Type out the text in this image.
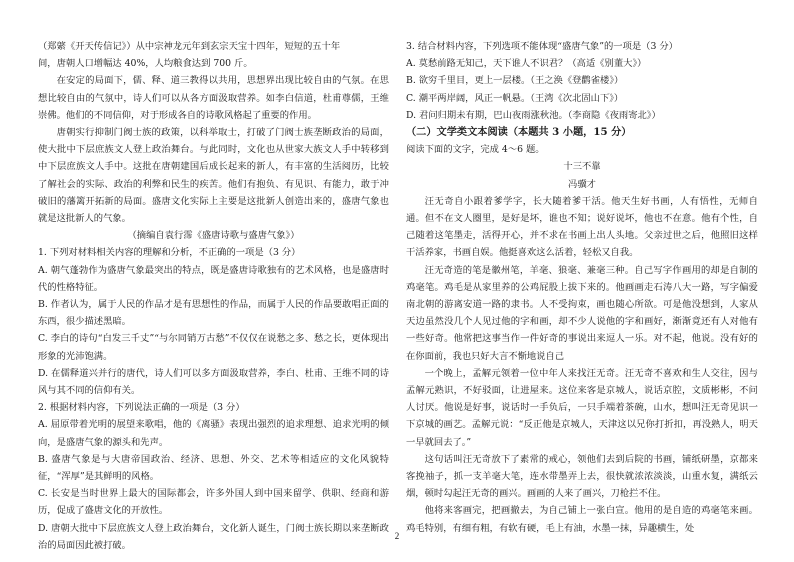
（郑綮《开天传信记》）从中宗神龙元年到玄宗天宝十四年，短短的五十年
间，唐朝人口增幅达 40%，人均粮食达到 700 斤。

在安定的局面下，儒、释、道三教得以共用，思想界出现比较自由的气氛。在思想比较自由的气氛中，诗人们可以从各方面汲取营养。如李白信道，杜甫尊儒，王维崇佛。他们的不同信仰，对于形成各自的诗歌风格起了重要的作用。

唐朝实行抑制门阀士族的政策，以科举取士，打破了门阀士族垄断政治的局面，使大批中下层庶族文人登上政治舞台。与此同时，文化也从世家大族文人手中转移到中下层庶族文人手中。这批在唐朝建国后成长起来的新人，有丰富的生活阅历，比较了解社会的实际、政治的利弊和民生的疾苦。他们有抱负、有见识、有能力，敢于冲破旧的藩篱开拓新的局面。盛唐文化实际上主要是这批新人创造出来的，盛唐气象也就是这批新人的气象。

（摘编自袁行霈《盛唐诗歌与盛唐气象》）

1. 下列对材料相关内容的理解和分析，不正确的一项是（3 分）

A. 朝气蓬勃作为盛唐气象最突出的特点，既是盛唐诗歌独有的艺术风格，也是盛唐时代的性格特征。

B. 作者认为，属于人民的作品才是有思想性的作品，而属于人民的作品要敢唱正面的东西，很少描述黑暗。

C. 李白的诗句“白发三千丈”“与尔同销万古愁”不仅仅在说愁之多、愁之长，更体现出形象的光沛饱满。

D. 在儒释道兴并行的唐代，诗人们可以多方面汲取营养，李白、杜甫、王维不同的诗风与其不同的信仰有关。

2. 根据材料内容，下列说法正确的一项是（3 分）

A. 屈原带着光明的展望来歌唱，他的《离骚》表现出强烈的追求理想、追求光明的倾向，是盛唐气象的源头和先声。

B. 盛唐气象是与大唐帝国政治、经济、思想、外交、艺术等相适应的文化风貌特征，“浑厚”是其鲜明的风格。

C. 长安是当时世界上最大的国际都会，许多外国人到中国来留学、供职、经商和游历，促成了盛唐文化的开放性。

D. 唐朝大批中下层庶族文人登上政治舞台，文化新人诞生，门阀士族长期以来垄断政治的局面因此被打破。

3. 结合材料内容，下列选项不能体现“盛唐气象”的一项是（3 分）

A. 莫愁前路无知己，天下谁人不识君？（高适《别董大》）

B. 欲穷千里目，更上一层楼。（王之涣《登鹳雀楼》）

C. 潮平两岸阔，风正一帆悬。（王湾《次北固山下》）

D. 君问归期未有期，巴山夜雨涨秋池。（李商隐《夜雨寄北》）

（二）文学类文本阅读（本题共 3 小题，15 分）

阅读下面的文字，完成 4～6 题。

十三不靠

冯骥才

汪无奇自小跟着爹学字，长大随着爹干活。他天生好书画，人有悟性，无师自通。但不在文人圈里，是好是坏，谁也不知；说好说坏，他也不在意。他有个性，自己随着这笔墨走，活得开心，并不求在书画上出人头地。父亲过世之后，他照旧这样干活养家，书画自娱。他挺喜欢这么活着，轻松又自我。

汪无奇造的笔是徽州笔，羊毫、狼毫、兼毫三种。自己写字作画用的却是自制的鸡毫笔。鸡毛是从家里养的公鸡屁股上拔下来的。他画画走石涛八大一路，写字偏爱南北朝的游离安道一路的隶书。人不受拘束，画也随心所欲。可是他没想到，人家从天边虽然没几个人见过他的字和画，却不少人说他的字和画好，渐渐竟还有人对他有一些好奇。他常把这事当作一件好奇的事说出来逗人一乐。对不起，他说。没有好的在你面前，我也只好大言不惭地说自己

一个晚上，孟解元领着一位中年人来找汪无奇。汪无奇不喜欢和生人交往，因与孟解元熟识，不好驳面，让进屋来。这位来客是京城人，说话京腔，文质彬彬，不问人讨厌。他说是好事，说话时一手负后，一只手端着茶碗，山水，想叫汪无奇见识一下京城的画艺。孟解元说：“反正他是京城人，天津这以兄你打折扣，再没熟人，明天一早就回去了。”

这句话叫汪无奇放下了素常的戒心，领他们去到后院的书画，铺纸研墨，京都来客挽袖子，抓一支羊毫大笔，连水带墨弄上去，很快就浓浓淡淡，山重水复，满纸云烟，顿时勾起汪无奇的画兴。画画的人来了画兴，刀枪拦不住。

他将来客画完，把画撤去，为自己铺上一张白宣。他用的是自造的鸡毫笔来画。鸡毛特别，有细有粗，有软有硬，毛上有油，水墨一抹，异趣横生，处

2
